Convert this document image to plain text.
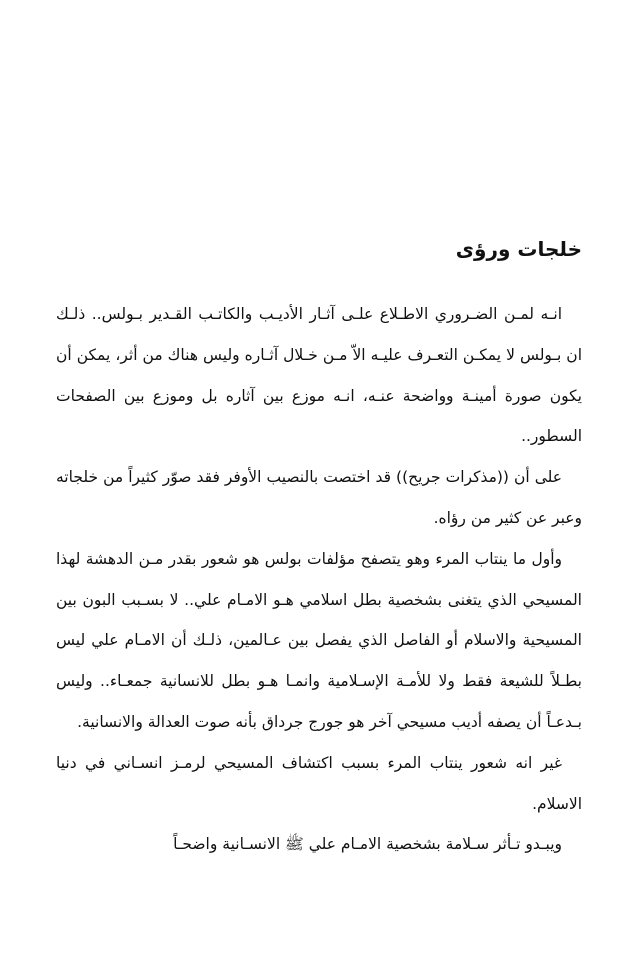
خلجات ورؤى

انـه لمـن الضـروري الاطـلاع علـى آثـار الأديـب والكاتـب القـدير بـولس.. ذلـك ان بـولس لا يمكـن التعـرف عليـه الاّ مـن خـلال آثـاره وليس هناك من أثر، يمكن أن يكون صورة أمينـة وواضحة عنـه، انـه موزع بين آثاره بل وموزع بين الصفحات السطور..

على أن ((مذكرات جريح)) قد اختصت بالنصيب الأوفر فقد صوّر كثيراً من خلجاته وعبر عن كثير من رؤاه.

وأول ما ينتاب المرء وهو يتصفح مؤلفات بولس هو شعور بقدر مـن الدهشة لهذا المسيحي الذي يتغنى بشخصية بطل اسلامي هـو الامـام علي.. لا بسـبب البون بين المسيحية والاسلام أو الفاصل الذي يفصل بين عـالمين، ذلـك أن الامـام علي ليس بطـلاً للشيعة فقط ولا للأمـة الإسـلامية وانمـا هـو بطل للانسانية جمعـاء.. وليس بـدعـاً أن يصفه أديب مسيحي آخر هو جورج جرداق بأنه صوت العدالة والانسانية.

غير انه شعور ينتاب المرء بسبب اكتشاف المسيحي لرمـز انسـاني في دنيا الاسلام.

ويبـدو تـأثر سـلامة بشخصية الامـام علي ﷺ الانسـانية واضحـاً
